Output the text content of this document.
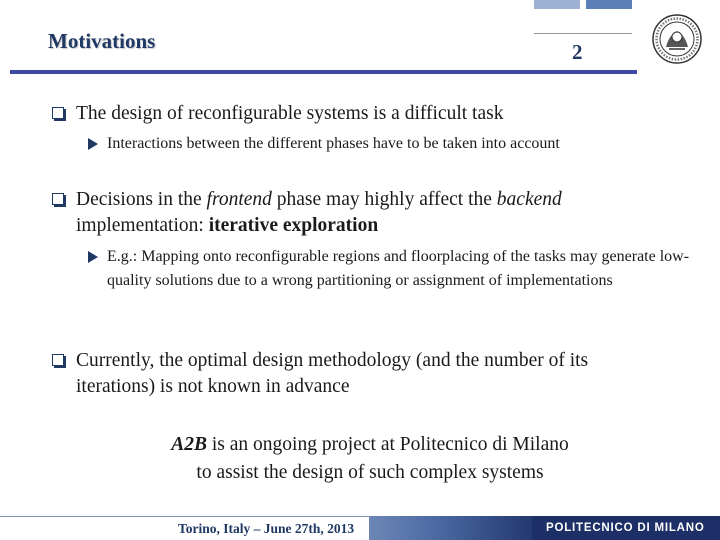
Motivations	2
The design of reconfigurable systems is a difficult task
Interactions between the different phases have to be taken into account
Decisions in the frontend phase may highly affect the backend
implementation: iterative exploration
E.g.: Mapping onto reconfigurable regions and floorplacing of the tasks may generate low-quality solutions due to a wrong partitioning or assignment of implementations
Currently, the optimal design methodology (and the number of its iterations) is not known in advance
A2B is an ongoing project at Politecnico di Milano
to assist the design of such complex systems
Torino, Italy – June 27th, 2013	POLITECNICO DI MILANO
